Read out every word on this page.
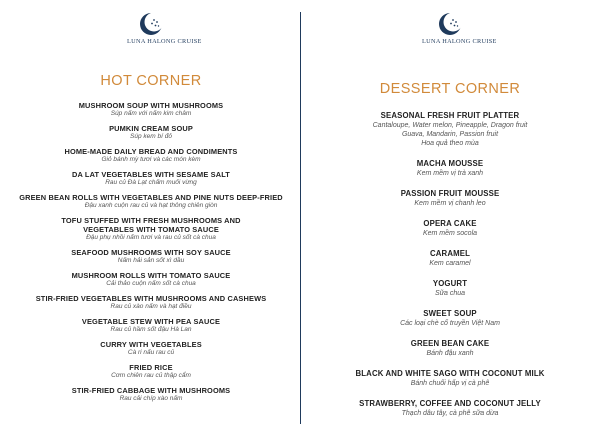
LUNA HALONG CRUISE
HOT CORNER
MUSHROOM SOUP WITH MUSHROOMS
Súp nấm với nấm kim châm
PUMKIN CREAM SOUP
Súp kem bí đỏ
HOME-MADE DAILY BREAD AND CONDIMENTS
Giỏ bánh mỳ tươi và các món kèm
DA LAT VEGETABLES WITH SESAME SALT
Rau củ Đà Lạt chấm muối vừng
GREEN BEAN ROLLS WITH VEGETABLES AND PINE NUTS DEEP-FRIED
Đậu xanh cuộn rau củ và hạt thông chiên giòn
TOFU STUFFED WITH FRESH MUSHROOMS AND
VEGETABLES WITH TOMATO SAUCE
Đậu phụ nhồi nấm tươi và rau củ sốt cà chua
SEAFOOD MUSHROOMS WITH SOY SAUCE
Nấm hải sản sốt xì dầu
MUSHROOM ROLLS WITH TOMATO SAUCE
Cải thảo cuộn nấm sốt cà chua
STIR-FRIED VEGETABLES WITH MUSHROOMS AND CASHEWS
Rau củ xào nấm và hạt điều
VEGETABLE STEW WITH PEA SAUCE
Rau củ hầm sốt đậu Hà Lan
CURRY WITH VEGETABLES
Cà ri nấu rau củ
FRIED RICE
Cơm chiên rau củ thập cẩm
STIR-FRIED CABBAGE WITH MUSHROOMS
Rau cải chíp xào nấm
LUNA HALONG CRUISE
DESSERT CORNER
SEASONAL FRESH FRUIT PLATTER
Cantaloupe, Water melon, Pineapple, Dragon fruit
Guava, Mandarin, Passion fruit
Hoa quả theo mùa
MACHA MOUSSE
Kem mềm vị trà xanh
PASSION FRUIT MOUSSE
Kem mềm vị chanh leo
OPERA CAKE
Kem mềm socola
CARAMEL
Kem caramel
YOGURT
Sữa chua
SWEET SOUP
Các loại chè cổ truyền Việt Nam
GREEN BEAN CAKE
Bánh đậu xanh
BLACK AND WHITE SAGO WITH COCONUT MILK
Bánh chuối hấp vị cà phê
STRAWBERRY, COFFEE AND COCONUT JELLY
Thạch dâu tây, cà phê sữa dừa
